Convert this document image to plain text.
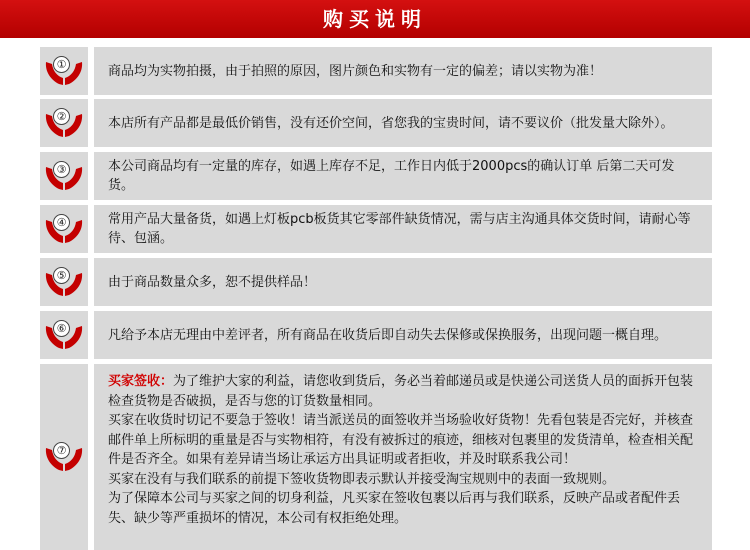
购买说明
①	商品均为实物拍摄，由于拍照的原因，图片颜色和实物有一定的偏差；请以实物为准！
②	本店所有产品都是最低价销售，没有还价空间，省您我的宝贵时间，请不要议价（批发量大除外）。
③	本公司商品均有一定量的库存，如遇上库存不足，工作日内低于2000pcs的确认订单 后第二天可发货。
④	常用产品大量备货，如遇上灯板pcb板货其它零部件缺货情况，需与店主沟通具体交货时间，请耐心等待、包涵。
⑤	由于商品数量众多，恕不提供样品！
⑥	凡给予本店无理由中差评者，所有商品在收货后即自动失去保修或保换服务，出现问题一概自理。
⑦
买家签收：为了维护大家的利益，请您收到货后，务必当着邮递员或是快递公司送货人员的面拆开包装检查货物是否破损，是否与您的订货数量相同。
买家在收货时切记不要急于签收！请当派送员的面签收并当场验收好货物！先看包装是否完好，并核查邮件单上所标明的重量是否与实物相符，有没有被拆过的痕迹，细核对包裹里的发货清单，检查相关配件是否齐全。如果有差异请当场让承运方出具证明或者拒收，并及时联系我公司！
买家在没有与我们联系的前提下签收货物即表示默认并接受淘宝规则中的表面一致规则。
为了保障本公司与买家之间的切身利益，凡买家在签收包裹以后再与我们联系，反映产品或者配件丢失、缺少等严重损坏的情况，本公司有权拒绝处理。
